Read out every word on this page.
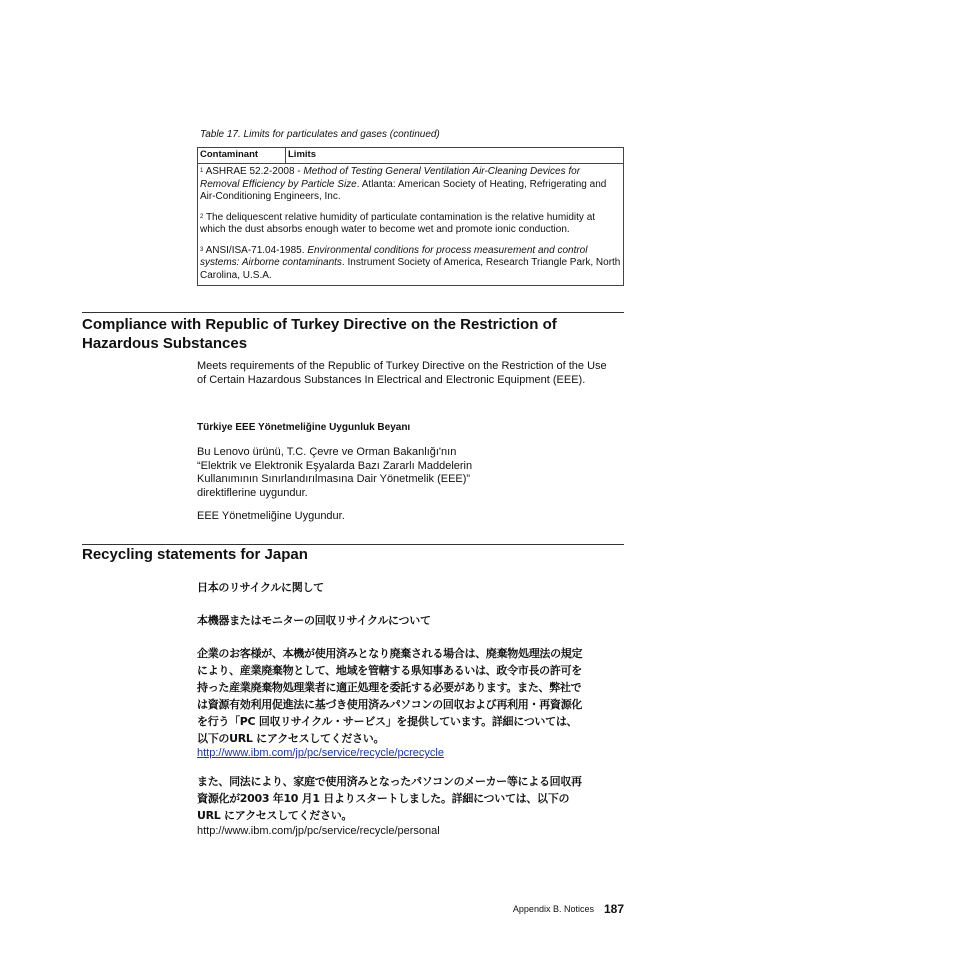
Table 17. Limits for particulates and gases (continued)
Contaminant	Limits

$^1$ ASHRAE 52.2-2008 - Method of Testing General Ventilation Air-Cleaning Devices for Removal Efficiency by Particle Size. Atlanta: American Society of Heating, Refrigerating and Air-Conditioning Engineers, Inc.

$^2$ The deliquescent relative humidity of particulate contamination is the relative humidity at which the dust absorbs enough water to become wet and promote ionic conduction.

$^3$ ANSI/ISA-71.04-1985. Environmental conditions for process measurement and control systems: Airborne contaminants. Instrument Society of America, Research Triangle Park, North Carolina, U.S.A.

Compliance with Republic of Turkey Directive on the Restriction of
Hazardous Substances

Meets requirements of the Republic of Turkey Directive on the Restriction of the Use of Certain Hazardous Substances In Electrical and Electronic Equipment (EEE).

Türkiye EEE Yönetmeliğine Uygunluk Beyanı

Bu Lenovo ürünü, T.C. Çevre ve Orman Bakanlığı'nın
“Elektrik ve Elektronik Eşyalarda Bazı Zararlı Maddelerin
Kullanımının Sınırlandırılmasına Dair Yönetmelik (EEE)”
direktiflerine uygundur.

EEE Yönetmeliğine Uygundur.

Recycling statements for Japan

日本のリサイクルに関して

本機器またはモニターの回収リサイクルについて

企業のお客様が、本機が使用済みとなり廃棄される場合は、廃棄物処理法の規定
により、産業廃棄物として、地域を管轄する県知事あるいは、政令市長の許可を
持った産業廃棄物処理業者に適正処理を委託する必要があります。また、弊社で
は資源有効利用促進法に基づき使用済みパソコンの回収および再利用・再資源化
を行う「PC 回収リサイクル・サービス」を提供しています。詳細については、
以下のURL にアクセスしてください。
http://www.ibm.com/jp/pc/service/recycle/pcrecycle
また、同法により、家庭で使用済みとなったパソコンのメーカー等による回収再
資源化が2003 年10 月1 日よりスタートしました。詳細については、以下の
URL にアクセスしてください。
http://www.ibm.com/jp/pc/service/recycle/personal
Appendix B. Notices 187
